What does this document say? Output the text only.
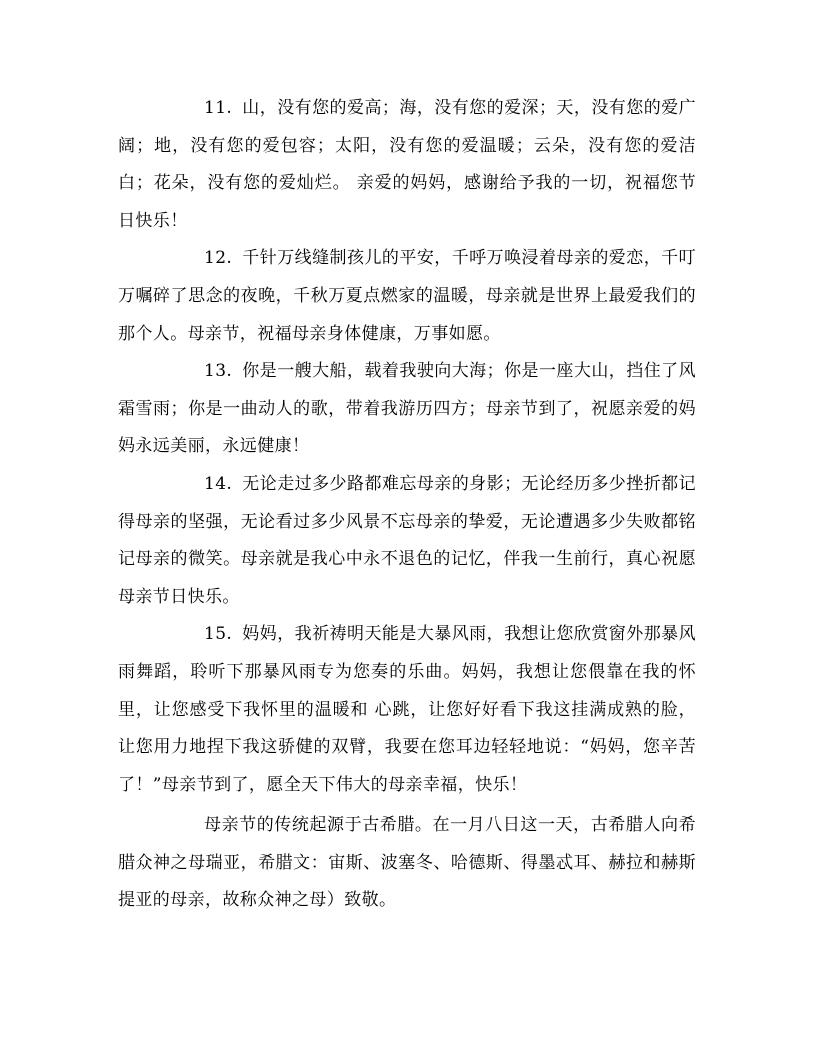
11. 山，没有您的爱高；海，没有您的爱深；天，没有您的爱广阔；地，没有您的爱包容；太阳，没有您的爱温暖；云朵，没有您的爱洁白；花朵，没有您的爱灿烂。 亲爱的妈妈，感谢给予我的一切，祝福您节日快乐！

12. 千针万线缝制孩儿的平安，千呼万唤浸着母亲的爱恋，千叮万嘱碎了思念的夜晚，千秋万夏点燃家的温暖，母亲就是世界上最爱我们的那个人。母亲节，祝福母亲身体健康，万事如愿。

13. 你是一艘大船，载着我驶向大海；你是一座大山，挡住了风霜雪雨；你是一曲动人的歌，带着我游历四方；母亲节到了，祝愿亲爱的妈妈永远美丽，永远健康！

14. 无论走过多少路都难忘母亲的身影；无论经历多少挫折都记得母亲的坚强，无论看过多少风景不忘母亲的挚爱，无论遭遇多少失败都铭记母亲的微笑。母亲就是我心中永不退色的记忆，伴我一生前行，真心祝愿母亲节日快乐。

15. 妈妈，我祈祷明天能是大暴风雨，我想让您欣赏窗外那暴风雨舞蹈，聆听下那暴风雨专为您奏的乐曲。妈妈，我想让您偎靠在我的怀里，让您感受下我怀里的温暖和 心跳，让您好好看下我这挂满成熟的脸，让您用力地捏下我这骄健的双臂，我要在您耳边轻轻地说：“妈妈，您辛苦了！”母亲节到了，愿全天下伟大的母亲幸福，快乐！

母亲节的传统起源于古希腊。在一月八日这一天，古希腊人向希腊众神之母瑞亚，希腊文：宙斯、波塞冬、哈德斯、得墨忒耳、赫拉和赫斯提亚的母亲，故称众神之母）致敬。
